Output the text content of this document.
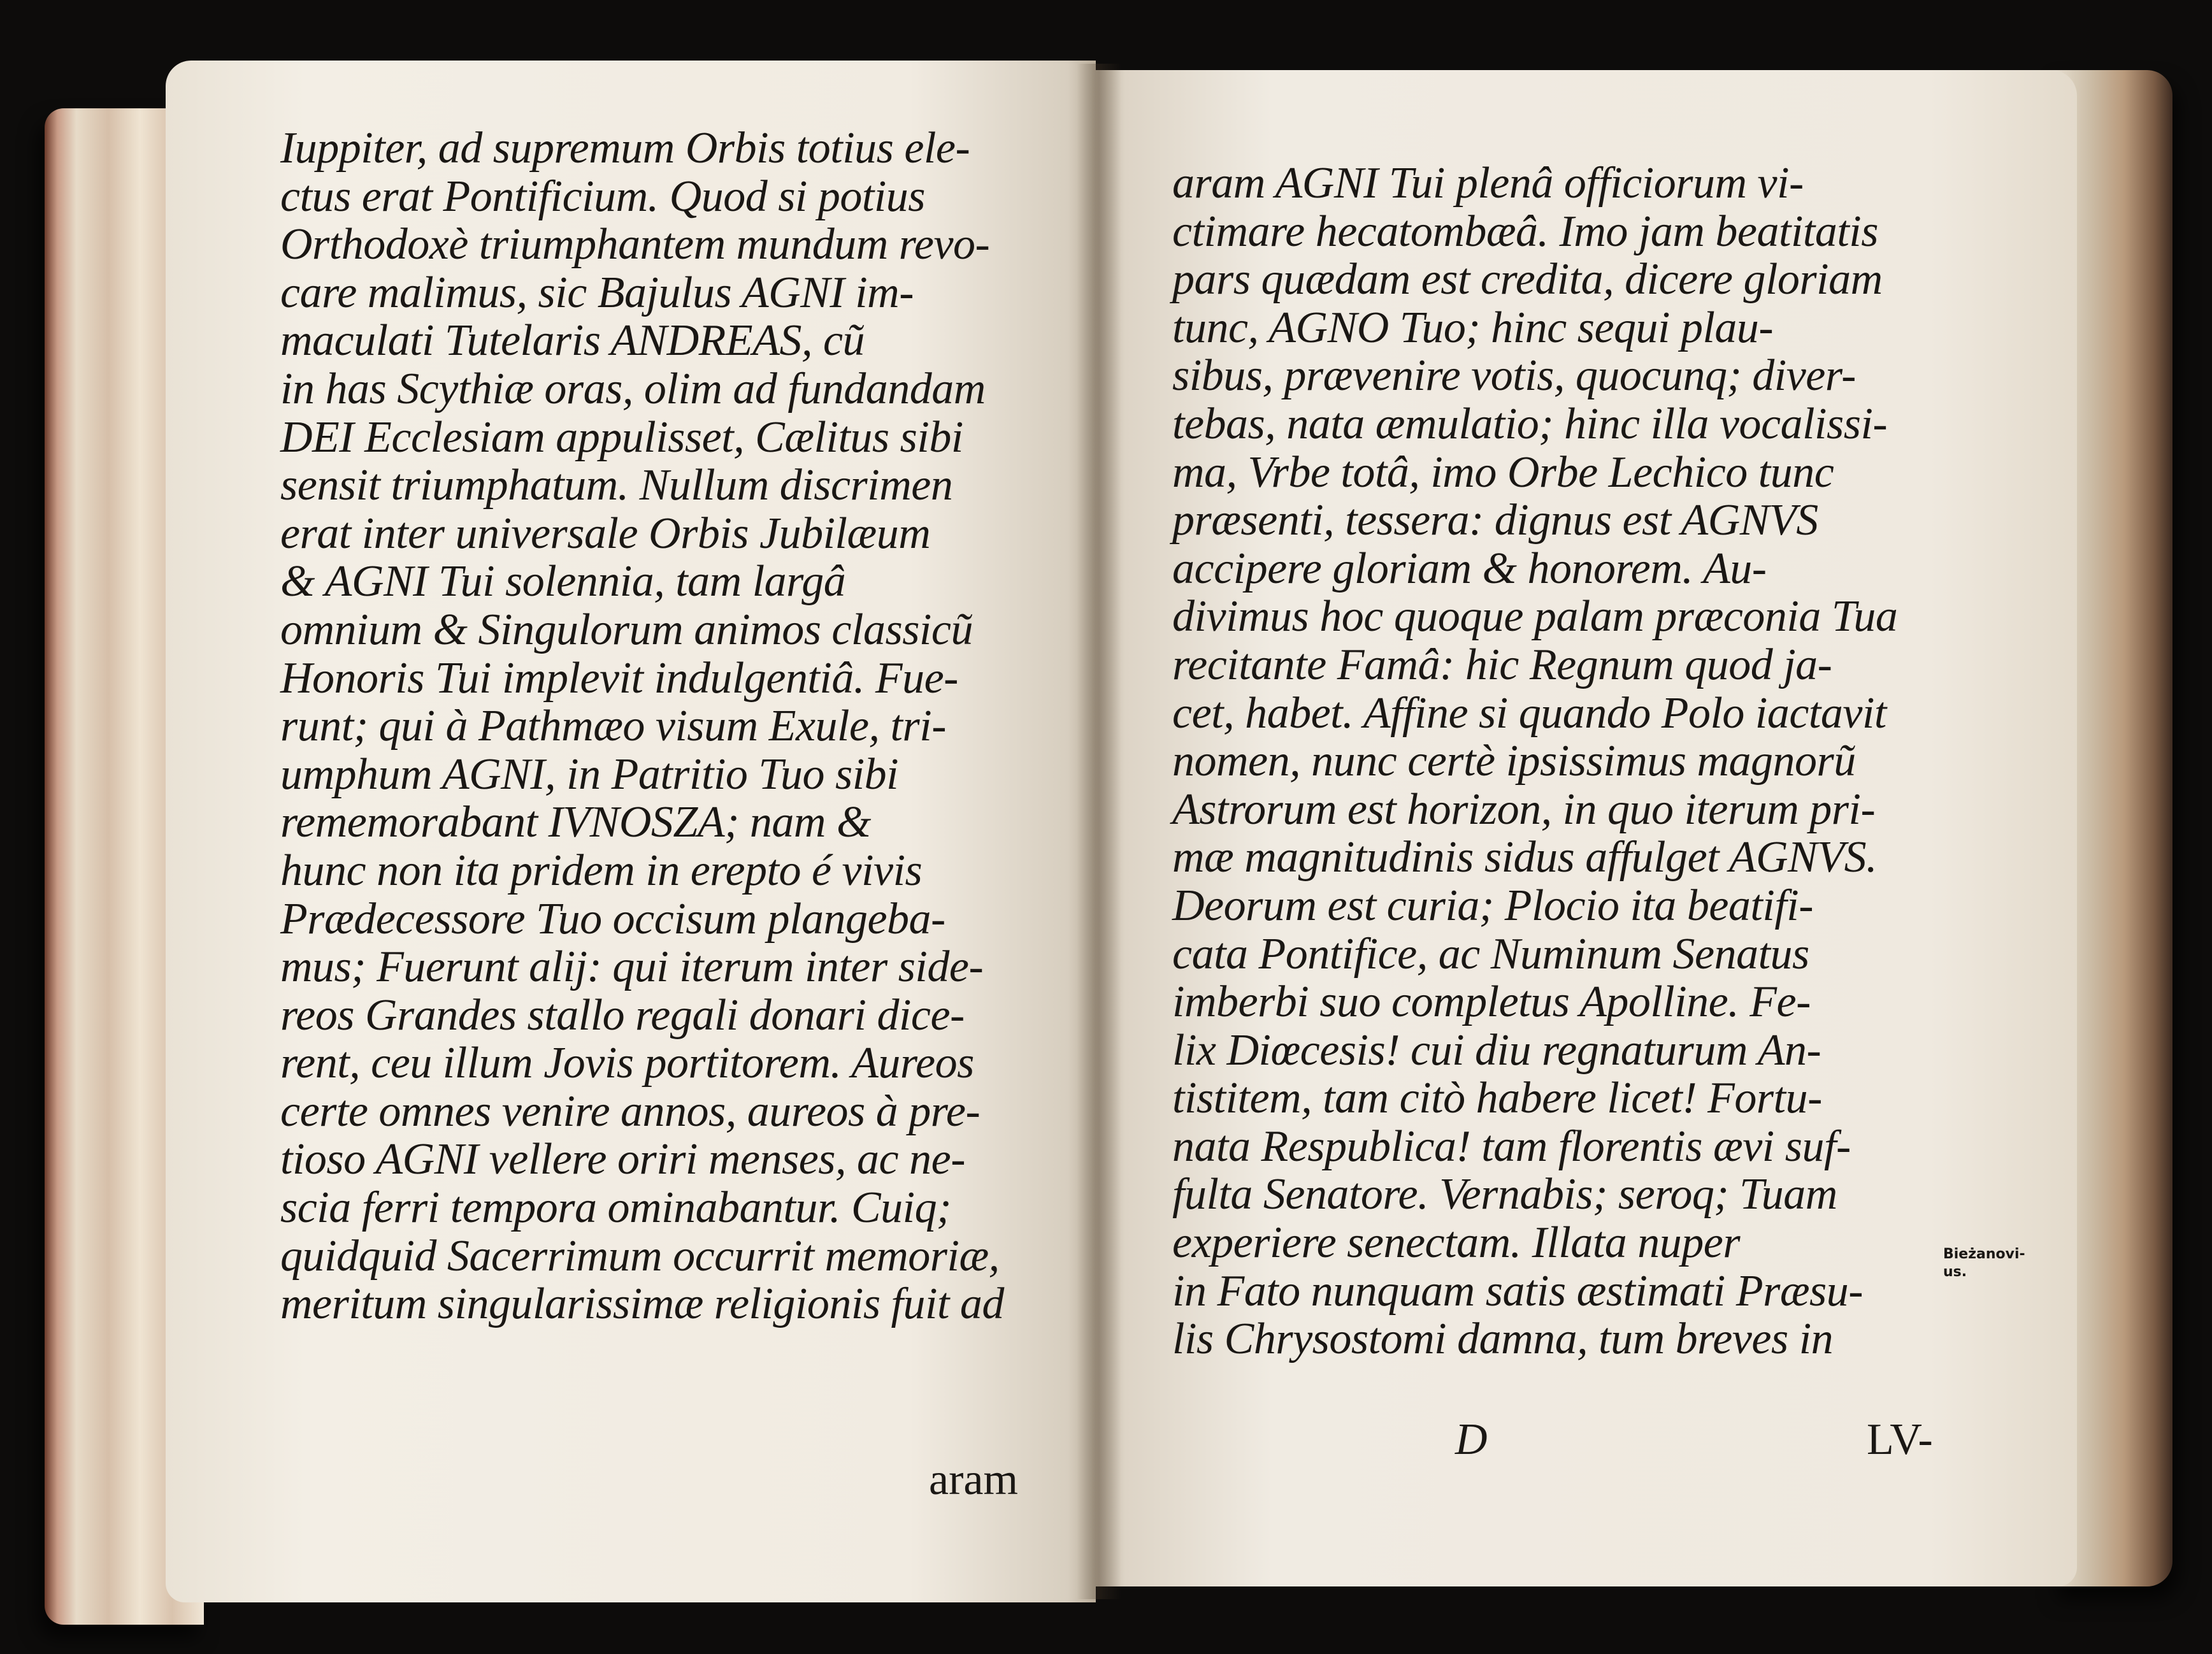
Iuppiter, ad supremum Orbis totius ele-
ctus erat Pontificium. Quod si potius
Orthodoxè triumphantem mundum revo-
care malimus, sic Bajulus AGNI im-
maculati Tutelaris ANDREAS, cũ
in has Scythiæ oras, olim ad fundandam
DEI Ecclesiam appulisset, Cælitus sibi
sensit triumphatum. Nullum discrimen
erat inter universale Orbis Jubilæum
& AGNI Tui solennia, tam largâ
omnium & Singulorum animos classicũ
Honoris Tui implevit indulgentiâ. Fue-
runt; qui à Pathmæo visum Exule, tri-
umphum AGNI, in Patritio Tuo sibi
rememorabant IVNOSZA; nam &
hunc non ita pridem in erepto é vivis
Prædecessore Tuo occisum plangeba-
mus; Fuerunt alij: qui iterum inter side-
reos Grandes stallo regali donari dice-
rent, ceu illum Jovis portitorem. Aureos
certe omnes venire annos, aureos à pre-
tioso AGNI vellere oriri menses, ac ne-
scia ferri tempora ominabantur. Cuiq;
quidquid Sacerrimum occurrit memoriæ,
meritum singularissimæ religionis fuit ad
aram
aram AGNI Tui plenâ officiorum vi-
ctimare hecatombæâ. Imo jam beatitatis
pars quædam est credita, dicere gloriam
tunc, AGNO Tuo; hinc sequi plau-
sibus, prævenire votis, quocunq; diver-
tebas, nata æmulatio; hinc illa vocalissi-
ma, Vrbe totâ, imo Orbe Lechico tunc
præsenti, tessera: dignus est AGNVS
accipere gloriam & honorem. Au-
divimus hoc quoque palam præconia Tua
recitante Famâ: hic Regnum quod ja-
cet, habet. Affine si quando Polo iactavit
nomen, nunc certè ipsissimus magnorũ
Astrorum est horizon, in quo iterum pri-
mæ magnitudinis sidus affulget AGNVS.
Deorum est curia; Plocio ita beatifi-
cata Pontifice, ac Numinum Senatus
imberbi suo completus Apolline. Fe-
lix Diœcesis! cui diu regnaturum An-
tistitem, tam citò habere licet! Fortu-
nata Respublica! tam florentis ævi suf-
fulta Senatore. Vernabis; seroq; Tuam
experiere senectam. Illata nuper
in Fato nunquam satis æstimati Præsu-
lis Chrysostomi damna, tum breves in
D	LV-
Bieżanovi-
us.
